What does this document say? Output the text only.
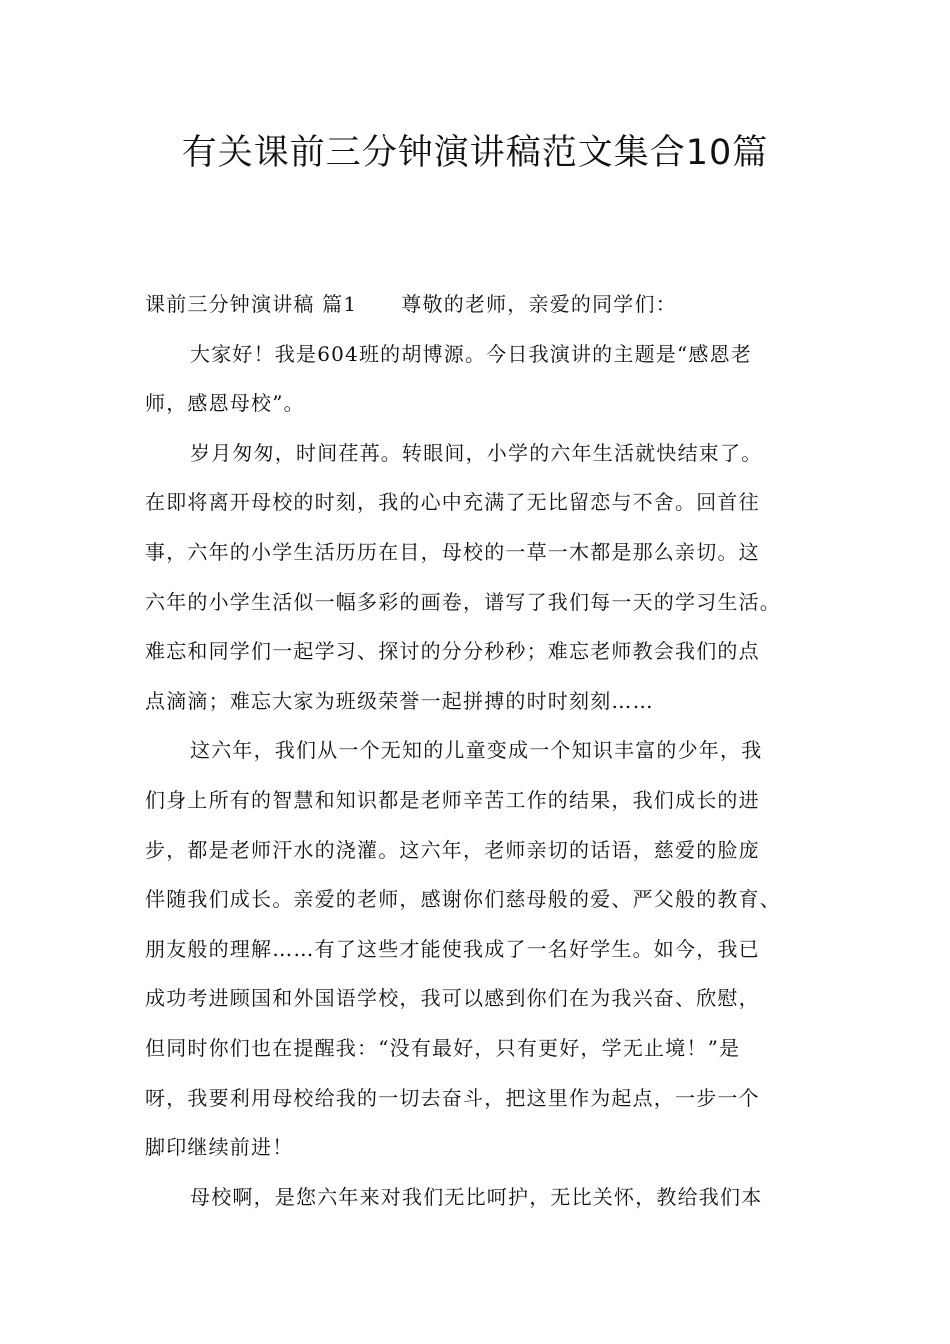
有关课前三分钟演讲稿范文集合10篇

课前三分钟演讲稿 篇1 尊敬的老师，亲爱的同学们：

大家好！我是604班的胡博源。今日我演讲的主题是“感恩老

师，感恩母校”。

岁月匆匆，时间荏苒。转眼间，小学的六年生活就快结束了。

在即将离开母校的时刻，我的心中充满了无比留恋与不舍。回首往

事，六年的小学生活历历在目，母校的一草一木都是那么亲切。这

六年的小学生活似一幅多彩的画卷，谱写了我们每一天的学习生活。

难忘和同学们一起学习、探讨的分分秒秒；难忘老师教会我们的点

点滴滴；难忘大家为班级荣誉一起拼搏的时时刻刻……

这六年，我们从一个无知的儿童变成一个知识丰富的少年，我

们身上所有的智慧和知识都是老师辛苦工作的结果，我们成长的进

步，都是老师汗水的浇灌。这六年，老师亲切的话语，慈爱的脸庞

伴随我们成长。亲爱的老师，感谢你们慈母般的爱、严父般的教育、

朋友般的理解……有了这些才能使我成了一名好学生。如今，我已

成功考进顾国和外国语学校，我可以感到你们在为我兴奋、欣慰，

但同时你们也在提醒我：“没有最好，只有更好，学无止境！”是

呀，我要利用母校给我的一切去奋斗，把这里作为起点，一步一个

脚印继续前进！

母校啊，是您六年来对我们无比呵护，无比关怀，教给我们本
